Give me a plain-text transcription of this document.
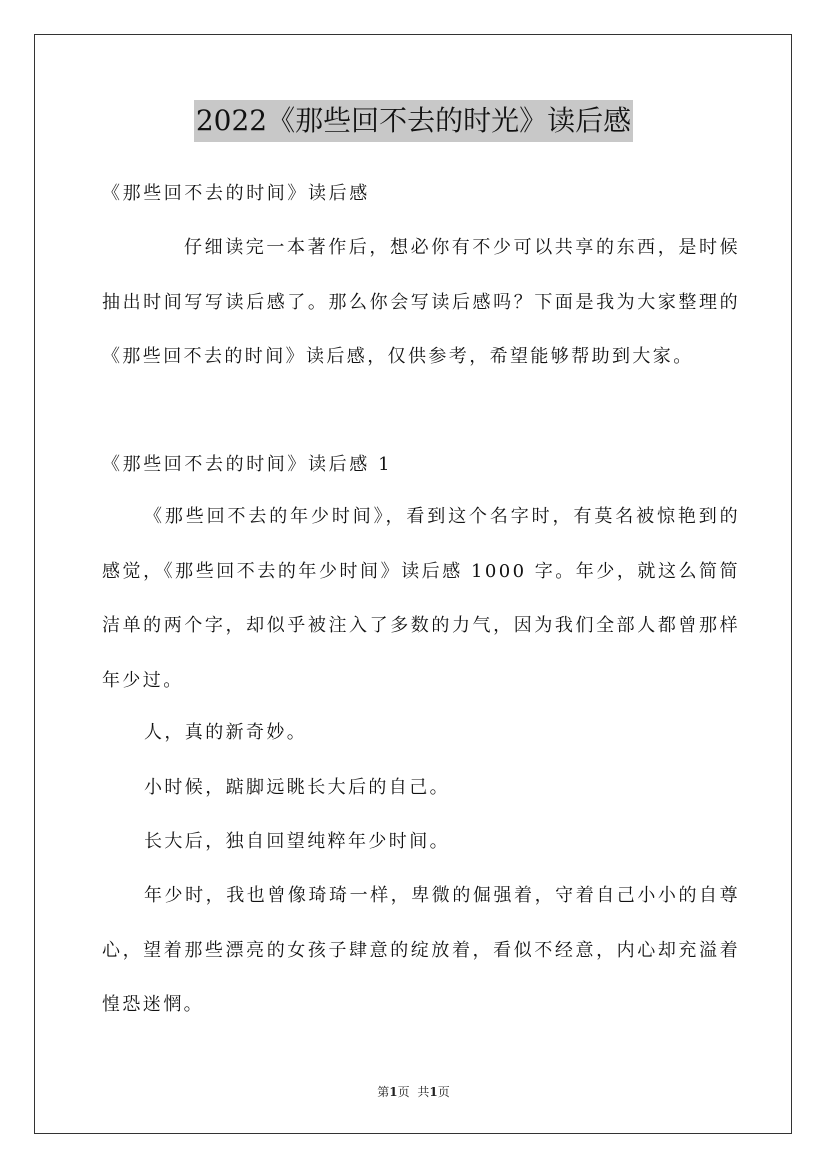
2022《那些回不去的时光》读后感

《那些回不去的时间》读后感

仔细读完一本著作后，想必你有不少可以共享的东西，是时候抽出时间写写读后感了。那么你会写读后感吗？下面是我为大家整理的《那些回不去的时间》读后感，仅供参考，希望能够帮助到大家。

《那些回不去的时间》读后感 1

《那些回不去的年少时间》，看到这个名字时，有莫名被惊艳到的感觉，《那些回不去的年少时间》读后感 1000 字。年少，就这么简简洁单的两个字，却似乎被注入了多数的力气，因为我们全部人都曾那样年少过。

人，真的新奇妙。

小时候，踮脚远眺长大后的自己。

长大后，独自回望纯粹年少时间。

年少时，我也曾像琦琦一样，卑微的倔强着，守着自己小小的自尊心，望着那些漂亮的女孩子肆意的绽放着，看似不经意，内心却充溢着惶恐迷惘。

第1页 共1页
